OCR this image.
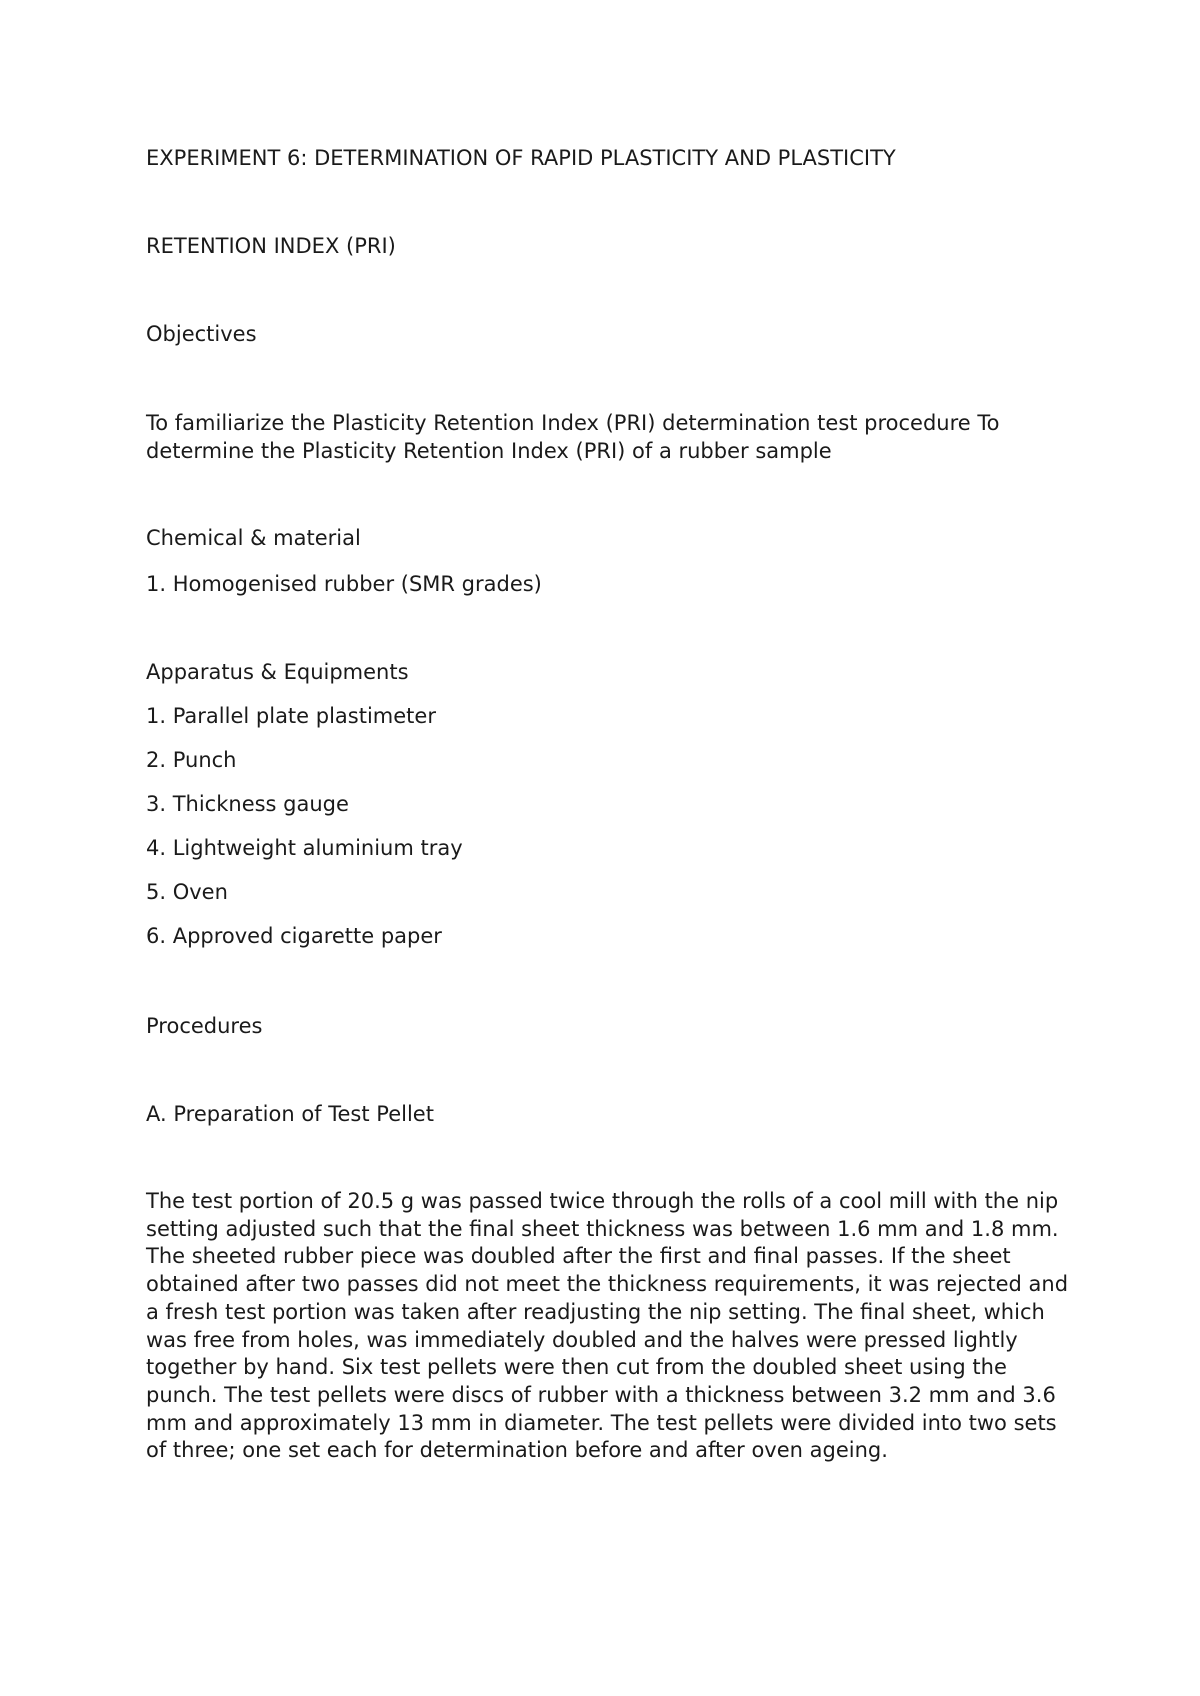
EXPERIMENT 6: DETERMINATION OF RAPID PLASTICITY AND PLASTICITY

RETENTION INDEX (PRI)

Objectives

To familiarize the Plasticity Retention Index (PRI) determination test procedure To determine the Plasticity Retention Index (PRI) of a rubber sample

Chemical & material

1. Homogenised rubber (SMR grades)

Apparatus & Equipments

1. Parallel plate plastimeter
2. Punch
3. Thickness gauge
4. Lightweight aluminium tray
5. Oven
6. Approved cigarette paper

Procedures

A. Preparation of Test Pellet

The test portion of 20.5 g was passed twice through the rolls of a cool mill with the nip setting adjusted such that the final sheet thickness was between 1.6 mm and 1.8 mm. The sheeted rubber piece was doubled after the first and final passes. If the sheet obtained after two passes did not meet the thickness requirements, it was rejected and a fresh test portion was taken after readjusting the nip setting. The final sheet, which was free from holes, was immediately doubled and the halves were pressed lightly together by hand. Six test pellets were then cut from the doubled sheet using the punch. The test pellets were discs of rubber with a thickness between 3.2 mm and 3.6 mm and approximately 13 mm in diameter. The test pellets were divided into two sets of three; one set each for determination before and after oven ageing.
